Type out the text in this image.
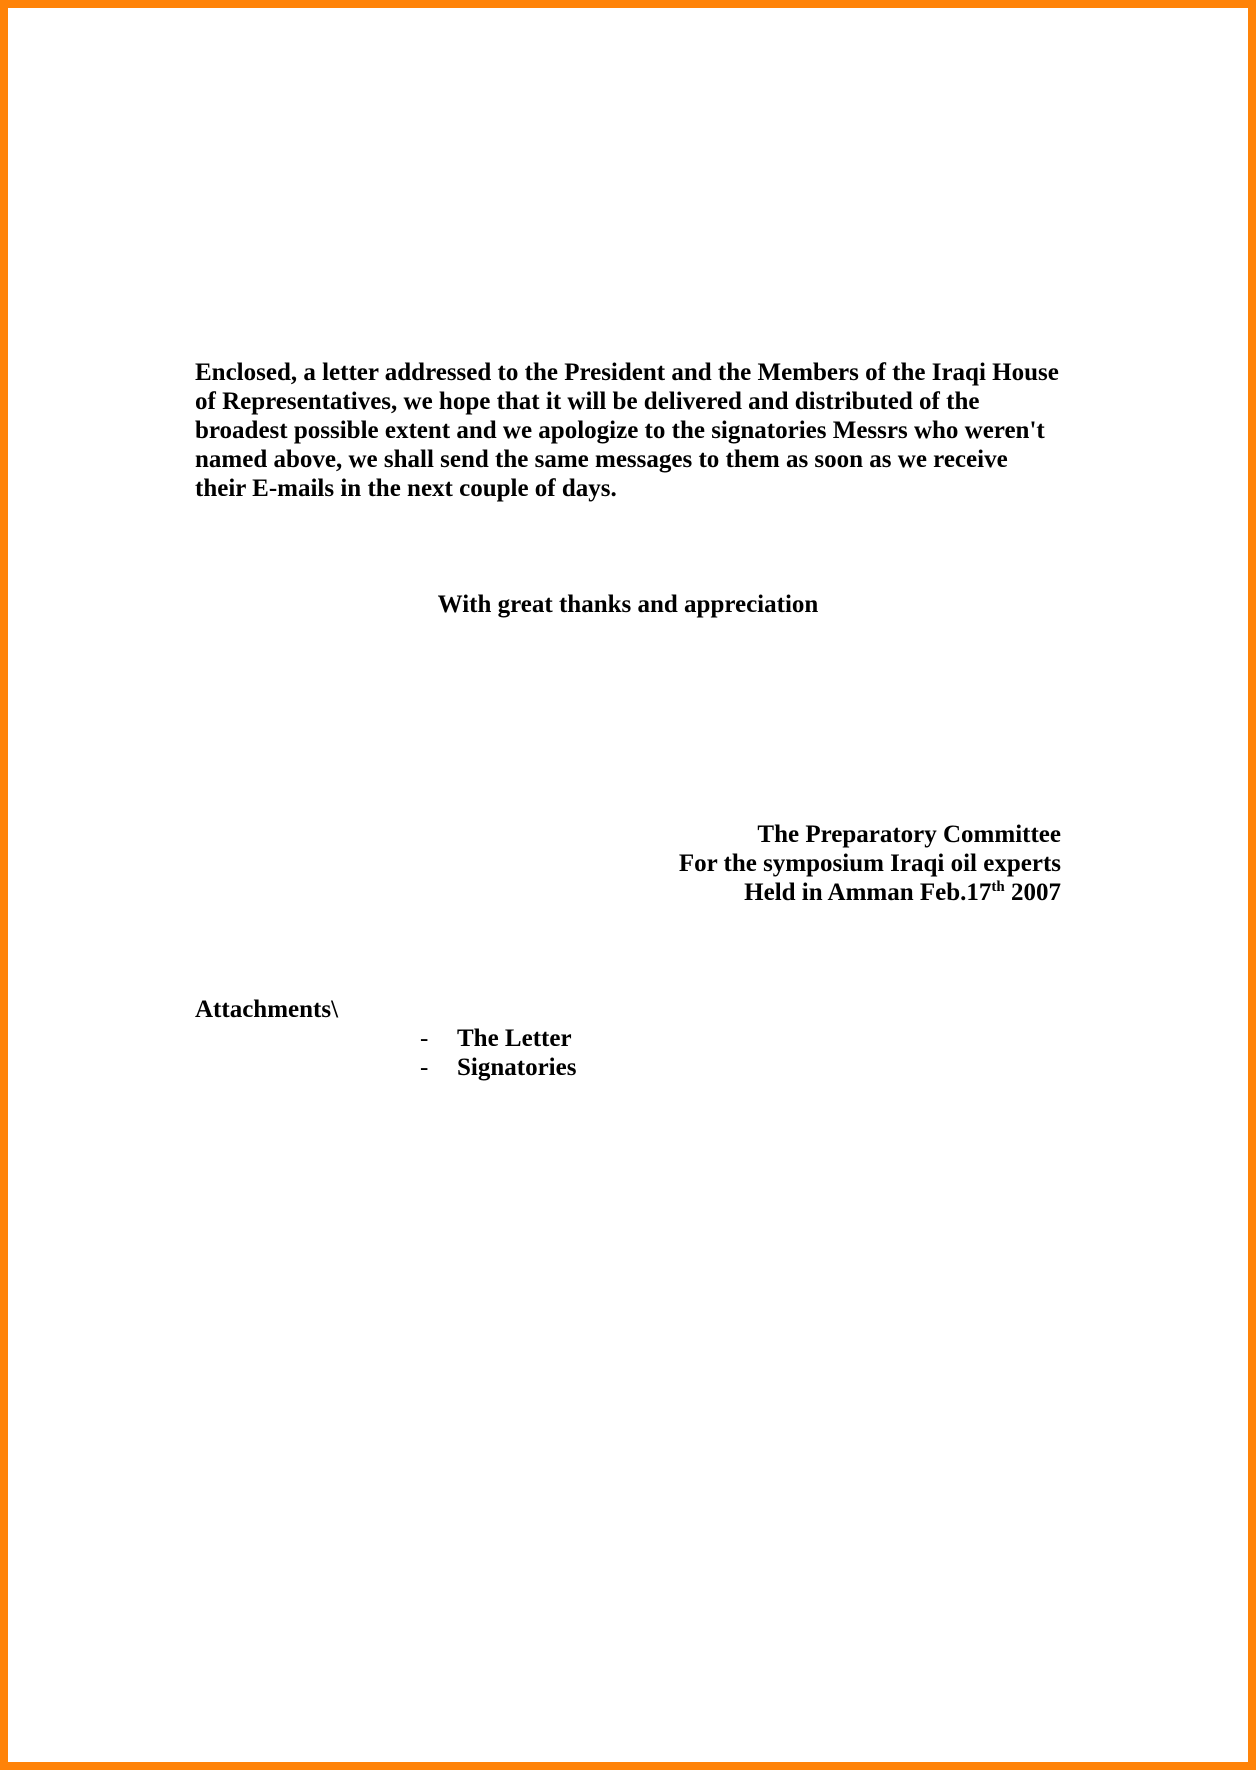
Enclosed, a letter addressed to the President and the Members of the Iraqi House
of Representatives, we hope that it will be delivered and distributed of the
broadest possible extent and we apologize to the signatories Messrs who weren't
named above, we shall send the same messages to them as soon as we receive
their E-mails in the next couple of days.

With great thanks and appreciation

The Preparatory Committee
For the symposium Iraqi oil experts
Held in Amman Feb.17th 2007

Attachments\

-	The Letter
-	Signatories
